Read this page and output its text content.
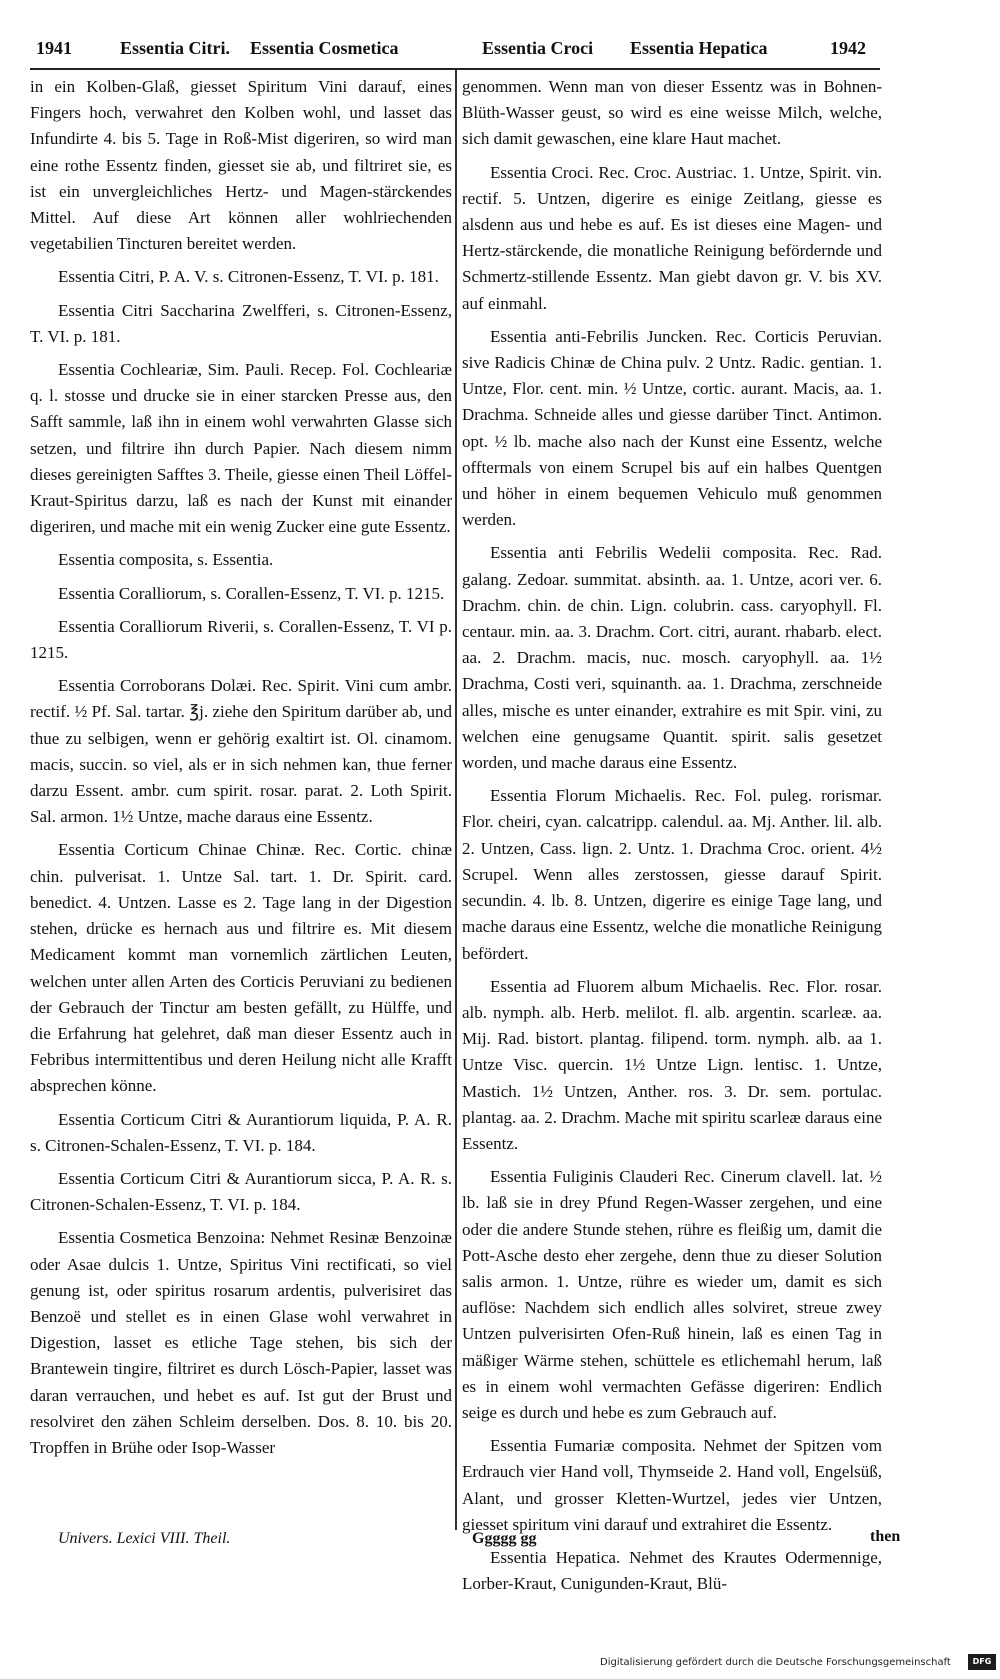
1941	Essentia Citri. Essentia Cosmetica	Essentia Croci Essentia Hepatica	1942

in ein Kolben-Glaß, giesset Spiritum Vini darauf, eines Fingers hoch, verwahret den Kolben wohl, und lasset das Infundirte 4. bis 5. Tage in Roß-Mist digeriren, so wird man eine rothe Essentz finden, giesset sie ab, und filtriret sie, es ist ein unvergleichliches Hertz- und Magen-stärckendes Mittel. Auf diese Art können aller wohlriechenden vegetabilien Tincturen bereitet werden.

Essentia Citri, P. A. V. s. Citronen-Essenz, T. VI. p. 181.

Essentia Citri Saccharina Zwelfferi, s. Citronen-Essenz, T. VI. p. 181.

Essentia Cochleariæ, Sim. Pauli. Recep. Fol. Cochleariæ q. l. stosse und drucke sie in einer starcken Presse aus, den Safft sammle, laß ihn in einem wohl verwahrten Glasse sich setzen, und filtrire ihn durch Papier. Nach diesem nimm dieses gereinigten Safftes 3. Theile, giesse einen Theil Löffel-Kraut-Spiritus darzu, laß es nach der Kunst mit einander digeriren, und mache mit ein wenig Zucker eine gute Essentz.

Essentia composita, s. Essentia.

Essentia Coralliorum, s. Corallen-Essenz, T. VI. p. 1215.

Essentia Coralliorum Riverii, s. Corallen-Essenz, T. VI p. 1215.

Essentia Corroborans Dolæi. Rec. Spirit. Vini cum ambr. rectif. ½ Pf. Sal. tartar. ℥j. ziehe den Spiritum darüber ab, und thue zu selbigen, wenn er gehörig exaltirt ist. Ol. cinamom. macis, succin. so viel, als er in sich nehmen kan, thue ferner darzu Essent. ambr. cum spirit. rosar. parat. 2. Loth Spirit. Sal. armon. 1½ Untze, mache daraus eine Essentz.

Essentia Corticum Chinae Chinæ. Rec. Cortic. chinæ chin. pulverisat. 1. Untze Sal. tart. 1. Dr. Spirit. card. benedict. 4. Untzen. Lasse es 2. Tage lang in der Digestion stehen, drücke es hernach aus und filtrire es. Mit diesem Medicament kommt man vornemlich zärtlichen Leuten, welchen unter allen Arten des Corticis Peruviani zu bedienen der Gebrauch der Tinctur am besten gefällt, zu Hülffe, und die Erfahrung hat gelehret, daß man dieser Essentz auch in Febribus intermittentibus und deren Heilung nicht alle Krafft absprechen könne.

Essentia Corticum Citri & Aurantiorum liquida, P. A. R. s. Citronen-Schalen-Essenz, T. VI. p. 184.

Essentia Corticum Citri & Aurantiorum sicca, P. A. R. s. Citronen-Schalen-Essenz, T. VI. p. 184.

Essentia Cosmetica Benzoina: Nehmet Resinæ Benzoinæ oder Asae dulcis 1. Untze, Spiritus Vini rectificati, so viel genung ist, oder spiritus rosarum ardentis, pulverisiret das Benzoë und stellet es in einen Glase wohl verwahret in Digestion, lasset es etliche Tage stehen, bis sich der Brantewein tingire, filtriret es durch Lösch-Papier, lasset was daran verrauchen, und hebet es auf. Ist gut der Brust und resolviret den zähen Schleim derselben. Dos. 8. 10. bis 20. Tropffen in Brühe oder Isop-Wasser

genommen. Wenn man von dieser Essentz was in Bohnen-Blüth-Wasser geust, so wird es eine weisse Milch, welche, sich damit gewaschen, eine klare Haut machet.

Essentia Croci. Rec. Croc. Austriac. 1. Untze, Spirit. vin. rectif. 5. Untzen, digerire es einige Zeitlang, giesse es alsdenn aus und hebe es auf. Es ist dieses eine Magen- und Hertz-stärckende, die monatliche Reinigung befördernde und Schmertz-stillende Essentz. Man giebt davon gr. V. bis XV. auf einmahl.

Essentia anti-Febrilis Juncken. Rec. Corticis Peruvian. sive Radicis Chinæ de China pulv. 2 Untz. Radic. gentian. 1. Untze, Flor. cent. min. ½ Untze, cortic. aurant. Macis, aa. 1. Drachma. Schneide alles und giesse darüber Tinct. Antimon. opt. ½ lb. mache also nach der Kunst eine Essentz, welche offtermals von einem Scrupel bis auf ein halbes Quentgen und höher in einem bequemen Vehiculo muß genommen werden.

Essentia anti Febrilis Wedelii composita. Rec. Rad. galang. Zedoar. summitat. absinth. aa. 1. Untze, acori ver. 6. Drachm. chin. de chin. Lign. colubrin. cass. caryophyll. Fl. centaur. min. aa. 3. Drachm. Cort. citri, aurant. rhabarb. elect. aa. 2. Drachm. macis, nuc. mosch. caryophyll. aa. 1½ Drachma, Costi veri, squinanth. aa. 1. Drachma, zerschneide alles, mische es unter einander, extrahire es mit Spir. vini, zu welchen eine genugsame Quantit. spirit. salis gesetzet worden, und mache daraus eine Essentz.

Essentia Florum Michaelis. Rec. Fol. puleg. rorismar. Flor. cheiri, cyan. calcatripp. calendul. aa. Mj. Anther. lil. alb. 2. Untzen, Cass. lign. 2. Untz. 1. Drachma Croc. orient. 4½ Scrupel. Wenn alles zerstossen, giesse darauf Spirit. secundin. 4. lb. 8. Untzen, digerire es einige Tage lang, und mache daraus eine Essentz, welche die monatliche Reinigung befördert.

Essentia ad Fluorem album Michaelis. Rec. Flor. rosar. alb. nymph. alb. Herb. melilot. fl. alb. argentin. scarleæ. aa. Mij. Rad. bistort. plantag. filipend. torm. nymph. alb. aa 1. Untze Visc. quercin. 1½ Untze Lign. lentisc. 1. Untze, Mastich. 1½ Untzen, Anther. ros. 3. Dr. sem. portulac. plantag. aa. 2. Drachm. Mache mit spiritu scarleæ daraus eine Essentz.

Essentia Fuliginis Clauderi Rec. Cinerum clavell. lat. ½ lb. laß sie in drey Pfund Regen-Wasser zergehen, und eine oder die andere Stunde stehen, rühre es fleißig um, damit die Pott-Asche desto eher zergehe, denn thue zu dieser Solution salis armon. 1. Untze, rühre es wieder um, damit es sich auflöse: Nachdem sich endlich alles solviret, streue zwey Untzen pulverisirten Ofen-Ruß hinein, laß es einen Tag in mäßiger Wärme stehen, schüttele es etlichemahl herum, laß es in einem wohl vermachten Gefässe digeriren: Endlich seige es durch und hebe es zum Gebrauch auf.

Essentia Fumariæ composita. Nehmet der Spitzen vom Erdrauch vier Hand voll, Thymseide 2. Hand voll, Engelsüß, Alant, und grosser Kletten-Wurtzel, jedes vier Untzen, giesset spiritum vini darauf und extrahiret die Essentz.

Essentia Hepatica. Nehmet des Krautes Odermennige, Lorber-Kraut, Cunigunden-Kraut, Blü-

Univers. Lexici VIII. Theil.	Ggggg gg	then
Digitalisierung gefördert durch die Deutsche Forschungsgemeinschaft	DFG
